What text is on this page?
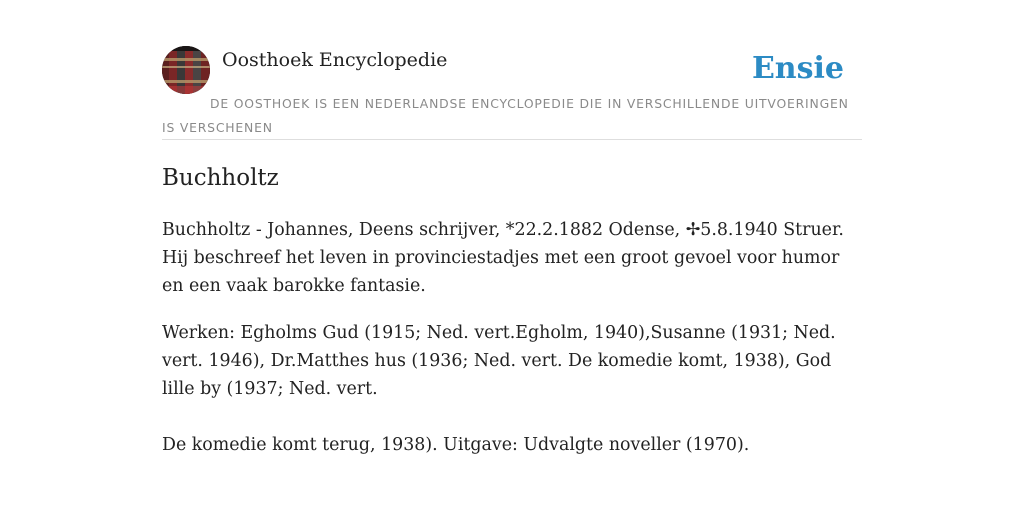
Oosthoek Encyclopedie	Ensie
DE OOSTHOEK IS EEN NEDERLANDSE ENCYCLOPEDIE DIE IN VERSCHILLENDE UITVOERINGEN IS VERSCHENEN
Buchholtz

Buchholtz - Johannes, Deens schrijver, *22.2.1882 Odense, ✢5.8.1940 Struer. Hij beschreef het leven in provinciestadjes met een groot gevoel voor humor en een vaak barokke fantasie.

Werken: Egholms Gud (1915; Ned. vert.Egholm, 1940),Susanne (1931; Ned. vert. 1946), Dr.Matthes hus (1936; Ned. vert. De komedie komt, 1938), God lille by (1937; Ned. vert.

De komedie komt terug, 1938). Uitgave: Udvalgte noveller (1970).
